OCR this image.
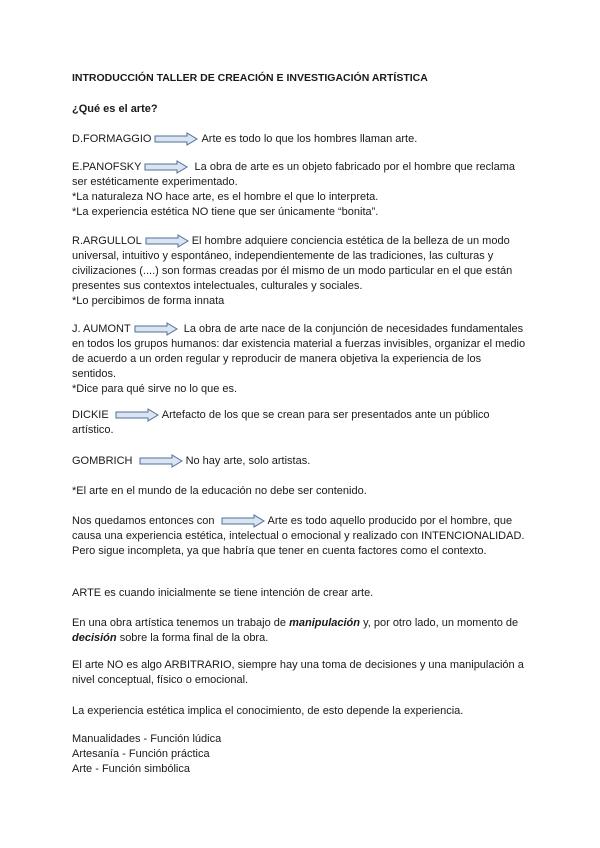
INTRODUCCIÓN TALLER DE CREACIÓN E INVESTIGACIÓN ARTÍSTICA
¿Qué es el arte?
D.FORMAGGIO	Arte es todo lo que los hombres llaman arte.

E.PANOFSKY	La obra de arte es un objeto fabricado por el hombre que reclama ser estéticamente experimentado.

*La naturaleza NO hace arte, es el hombre el que lo interpreta.

*La experiencia estética NO tiene que ser únicamente “bonita”.

R.ARGULLOL	El hombre adquiere conciencia estética de la belleza de un modo universal, intuitivo y espontáneo, independientemente de las tradiciones, las culturas y civilizaciones (....) son formas creadas por él mismo de un modo particular en el que están presentes sus contextos intelectuales, culturales y sociales.

*Lo percibimos de forma innata

J. AUMONT	La obra de arte nace de la conjunción de necesidades fundamentales en todos los grupos humanos: dar existencia material a fuerzas invisibles, organizar el medio de acuerdo a un orden regular y reproducir de manera objetiva la experiencia de los sentidos.

*Dice para qué sirve no lo que es.

DICKIE	Artefacto de los que se crean para ser presentados ante un público artístico.
GOMBRICH	No hay arte, solo artistas.
*El arte en el mundo de la educación no debe ser contenido.
Nos quedamos entonces con	Arte es todo aquello producido por el hombre, que causa una experiencia estética, intelectual o emocional y realizado con INTENCIONALIDAD. Pero sigue incompleta, ya que habría que tener en cuenta factores como el contexto.
ARTE es cuando inicialmente se tiene intención de crear arte.
En una obra artística tenemos un trabajo de manipulación y, por otro lado, un momento de decisión sobre la forma final de la obra.
El arte NO es algo ARBITRARIO, siempre hay una toma de decisiones y una manipulación a nivel conceptual, físico o emocional.
La experiencia estética implica el conocimiento, de esto depende la experiencia.

Manualidades - Función lúdica

Artesanía - Función práctica

Arte - Función simbólica
